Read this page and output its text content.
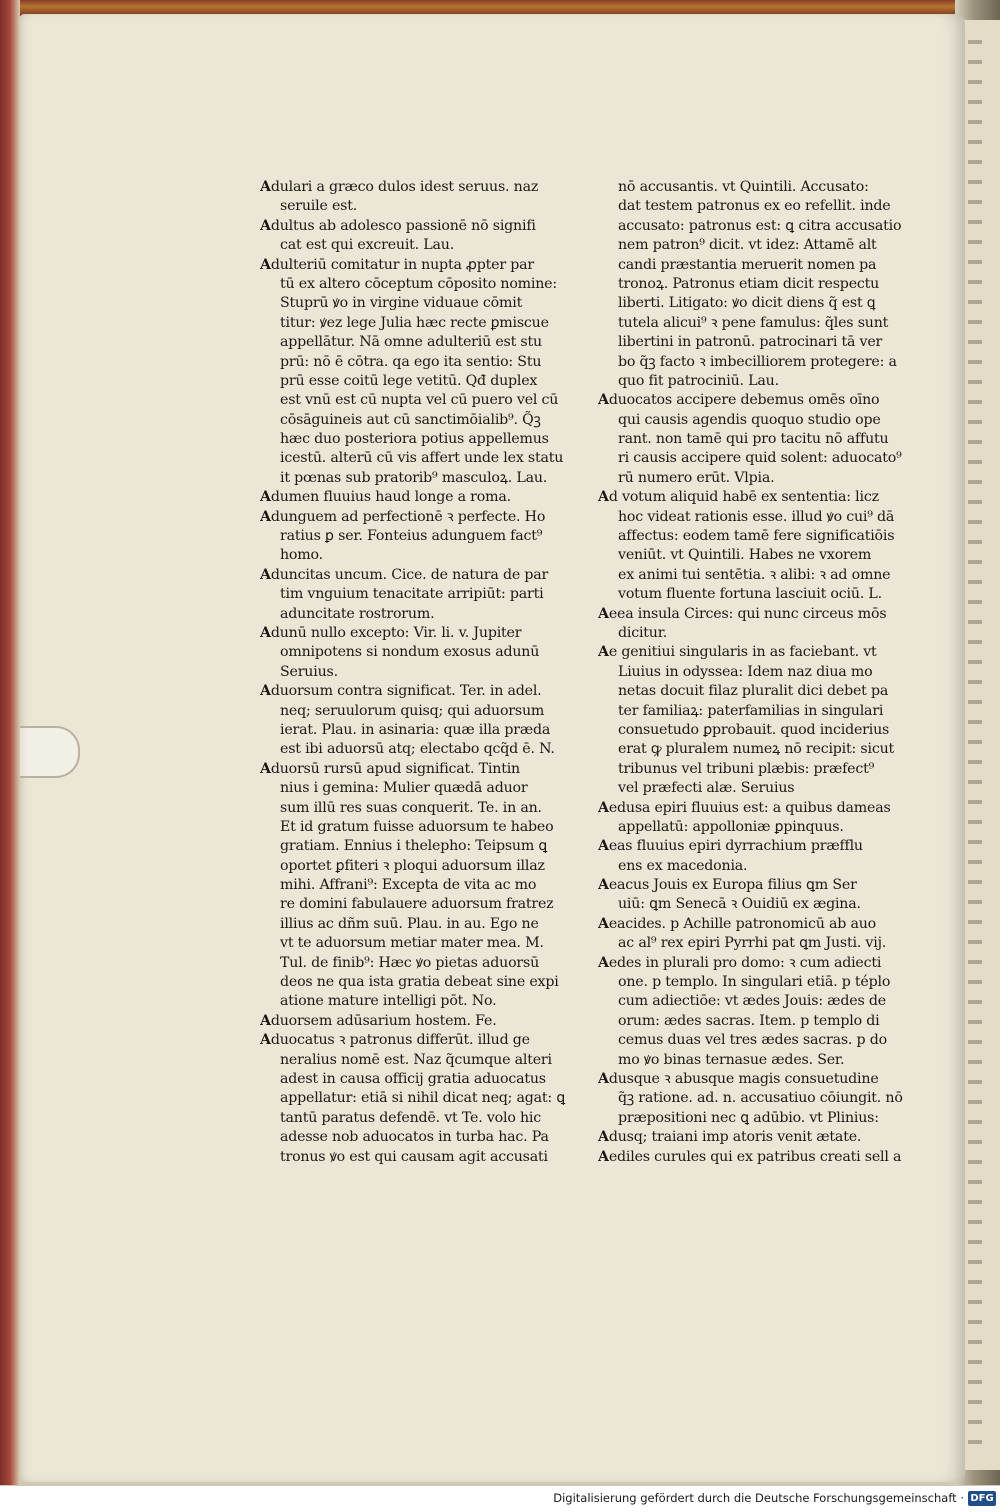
Adulari a græco dulos idest seruus. naz
seruile est.
Adultus ab adolesco passionē nō signifi
cat est qui excreuit. Lau.
Adulteriū comitatur in nupta ꝓpter par
tū ex altero cōceptum cōposito nomine:
Stuprū ꝟo in virgine viduaue cōmit
titur: ꝟez lege Julia hæc recte ꝑmiscue
appellātur. Nā omne adulteriū est stu
prū: nō ē cōtra. qa ego ita sentio: Stu
prū esse coitū lege vetitū. Qđ duplex
est vnū est cū nupta vel cū puero vel cū
cōsāguineis aut cū sanctimōialib⁹. Q̃ꝫ
hæc duo posteriora potius appellemus
icestū. alterū cū vis affert unde lex statu
it pœnas sub pratorib⁹ masculoꝝ. Lau.
Adumen fluuius haud longe a roma.
Adunguem ad perfectionē ꝛ perfecte. Ho
ratius ꝑ ser. Fonteius adunguem fact⁹
homo.
Aduncitas uncum. Cice. de natura de par
tim vnguium tenacitate arripiūt: parti
aduncitate rostrorum.
Adunū nullo excepto: Vir. li. v. Jupiter
omnipotens si nondum exosus adunū
Seruius.
Aduorsum contra significat. Ter. in adel.
neq; seruulorum quisq; qui aduorsum
ierat. Plau. in asinaria: quæ illa præda
est ibi aduorsū atq; electabo qcq̃d ē. N.
Aduorsū rursū apud significat. Tintin
nius i gemina: Mulier quædā aduor
sum illū res suas conquerit. Te. in an.
Et id gratum fuisse aduorsum te habeo
gratiam. Ennius i thelepho: Teipsum ꝗ
oportet ꝑfiteri ꝛ ploqui aduorsum illaz
mihi. Affrani⁹: Excepta de vita ac mo
re domini fabulauere aduorsum fratrez
illius ac dñm suū. Plau. in au. Ego ne
vt te aduorsum metiar mater mea. M.
Tul. de finib⁹: Hæc ꝟo pietas aduorsū
deos ne qua ista gratia debeat sine expi
atione mature intelligi pōt. No.
Aduorsem adūsarium hostem. Fe.
Aduocatus ꝛ patronus differūt. illud ge
neralius nomē est. Naz q̃cumque alteri
adest in causa officij gratia aduocatus
appellatur: etiā si nihil dicat neq; agat: ꝗ
tantū paratus defendē. vt Te. volo hic
adesse nob aduocatos in turba hac. Pa
tronus ꝟo est qui causam agit accusati
nō accusantis. vt Quintili. Accusato:
dat testem patronus ex eo refellit. inde
accusato: patronus est: ꝗ citra accusatio
nem patron⁹ dicit. vt idez: Attamē alt
candi præstantia meruerit nomen pa
tronoꝝ. Patronus etiam dicit respectu
liberti. Litigato: ꝟo dicit diens q̃ est ꝗ
tutela alicui⁹ ꝛ pene famulus: q̃les sunt
libertini in patronū. patrocinari tā ver
bo q̃ꝫ facto ꝛ imbecilliorem protegere: a
quo fit patrociniū. Lau.
Aduocatos accipere debemus omēs oīno
qui causis agendis quoquo studio ope
rant. non tamē qui pro tacitu nō affutu
ri causis accipere quid solent: aduocato⁹
rū numero erūt. Vlpia.
Ad votum aliquid habē ex sententia: licz
hoc videat rationis esse. illud ꝟo cui⁹ dā
affectus: eodem tamē fere significatiōis
veniūt. vt Quintili. Habes ne vxorem
ex animi tui sentētia. ꝛ alibi: ꝛ ad omne
votum fluente fortuna lasciuit ociū. L.
Aeea insula Circes: qui nunc circeus mōs
dicitur.
Ae genitiui singularis in as faciebant. vt
Liuius in odyssea: Idem naz diua mo
netas docuit filaz pluralit dici debet pa
ter familiaꝝ: paterfamilias in singulari
consuetudo ꝑprobauit. quod inciderius
erat ꝙ pluralem numeꝝ nō recipit: sicut
tribunus vel tribuni plæbis: præfect⁹
vel præfecti alæ. Seruius
Aedusa epiri fluuius est: a quibus dameas
appellatū: appolloniæ ꝑpinquus.
Aeas fluuius epiri dyrrachium præfflu
ens ex macedonia.
Aeacus Jouis ex Europa filius ꝗm Ser
uiū: ꝗm Senecā ꝛ Ouidiū ex ægina.
Aeacides. p Achille patronomicū ab auo
ac al⁹ rex epiri Pyrrhi pat ꝗm Justi. vij.
Aedes in plurali pro domo: ꝛ cum adiecti
one. p templo. In singulari etiā. p téplo
cum adiectiōe: vt ædes Jouis: ædes de
orum: ædes sacras. Item. p templo di
cemus duas vel tres ædes sacras. p do
mo ꝟo binas ternasue ædes. Ser.
Adusque ꝛ abusque magis consuetudine
q̃ꝫ ratione. ad. n. accusatiuo cōiungit. nō
præpositioni nec ꝗ adūbio. vt Plinius:
Adusq; traiani imp atoris venit ætate.
Aediles curules qui ex patribus creati sell a
Digitalisierung gefördert durch die Deutsche Forschungsgemeinschaft · DFG
